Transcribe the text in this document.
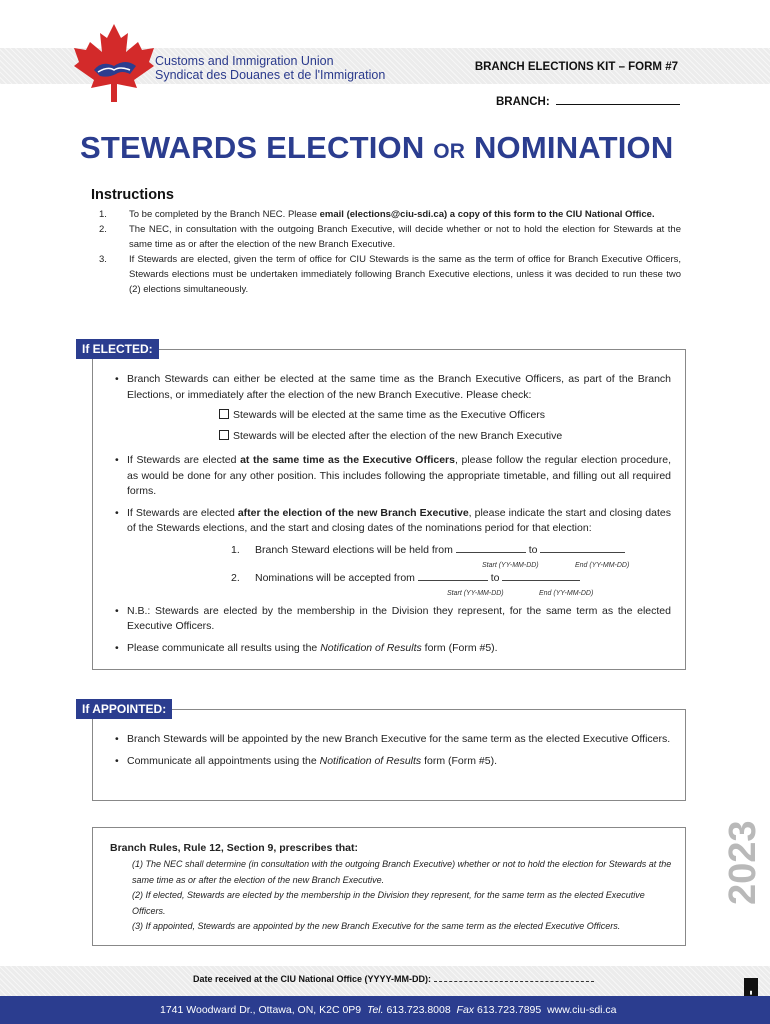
Customs and Immigration Union
Syndicat des Douanes et de l'Immigration
BRANCH ELECTIONS KIT – FORM #7
BRANCH:
STEWARDS ELECTION OR NOMINATION
Instructions
1. To be completed by the Branch NEC. Please email (elections@ciu-sdi.ca) a copy of this form to the CIU National Office.
2. The NEC, in consultation with the outgoing Branch Executive, will decide whether or not to hold the election for Stewards at the same time as or after the election of the new Branch Executive.
3. If Stewards are elected, given the term of office for CIU Stewards is the same as the term of office for Branch Executive Officers, Stewards elections must be undertaken immediately following Branch Executive elections, unless it was decided to run these two (2) elections simultaneously.
If ELECTED:
• Branch Stewards can either be elected at the same time as the Branch Executive Officers, as part of the Branch Elections, or immediately after the election of the new Branch Executive. Please check:
Stewards will be elected at the same time as the Executive Officers
Stewards will be elected after the election of the new Branch Executive
• If Stewards are elected at the same time as the Executive Officers, please follow the regular election procedure, as would be done for any other position. This includes following the appropriate timetable, and filling out all required forms.
• If Stewards are elected after the election of the new Branch Executive, please indicate the start and closing dates of the Stewards elections, and the start and closing dates of the nominations period for that election:
1. Branch Steward elections will be held from	to
Start (YY-MM-DD)	End (YY-MM-DD)
2. Nominations will be accepted from	to
Start (YY-MM-DD)	End (YY-MM-DD)
• N.B.: Stewards are elected by the membership in the Division they represent, for the same term as the elected Executive Officers.
• Please communicate all results using the Notification of Results form (Form #5).
If APPOINTED:
• Branch Stewards will be appointed by the new Branch Executive for the same term as the elected Executive Officers.
• Communicate all appointments using the Notification of Results form (Form #5).
Branch Rules, Rule 12, Section 9, prescribes that:
(1) The NEC shall determine (in consultation with the outgoing Branch Executive) whether or not to hold the election for Stewards at the same time as or after the election of the new Branch Executive.
(2) If elected, Stewards are elected by the membership in the Division they represent, for the same term as the elected Executive Officers.
(3) If appointed, Stewards are appointed by the new Branch Executive for the same term as the elected Executive Officers.
2023
Date received at the CIU National Office (YYYY-MM-DD):
▮
1741 Woodward Dr., Ottawa, ON, K2C 0P9 Tel. 613.723.8008 Fax 613.723.7895 www.ciu-sdi.ca
